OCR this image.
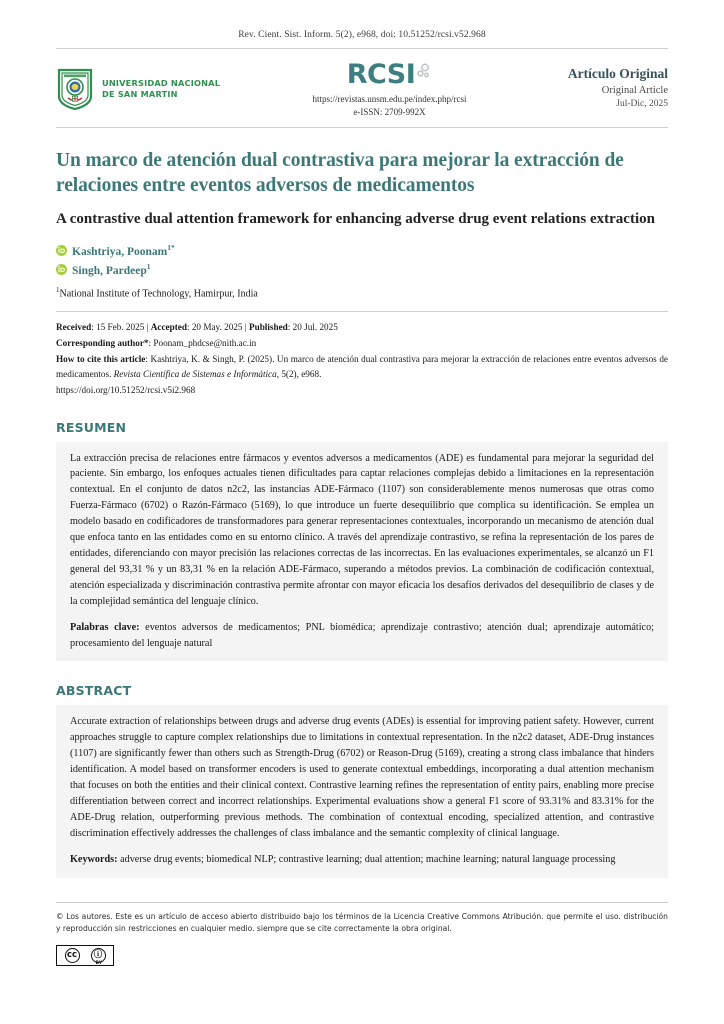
Rev. Cient. Sist. Inform. 5(2), e968, doi: 10.51252/rcsi.v52.968
UNIVERSIDAD NACIONAL
DE SAN MARTIN
RCSI
https://revistas.unsm.edu.pe/index.php/rcsi
e-ISSN: 2709-992X
Artículo Original
Original Article
Jul-Dic, 2025
Un marco de atención dual contrastiva para mejorar la extracción de relaciones entre eventos adversos de medicamentos
A contrastive dual attention framework for enhancing adverse drug event relations extraction
Kashtriya, Poonam$^{1*}$
Singh, Pardeep$^1$
$^1$National Institute of Technology, Hamirpur, India
Received: 15 Feb. 2025 | Accepted: 20 May. 2025 | Published: 20 Jul. 2025
Corresponding author*: Poonam_phdcse@nith.ac.in
How to cite this article: Kashtriya, K. & Singh, P. (2025). Un marco de atención dual contrastiva para mejorar la extracción de relaciones entre eventos adversos de medicamentos. Revista Científica de Sistemas e Informática, 5(2), e968.
https://doi.org/10.51252/rcsi.v5i2.968
RESUMEN

La extracción precisa de relaciones entre fármacos y eventos adversos a medicamentos (ADE) es fundamental para mejorar la seguridad del paciente. Sin embargo, los enfoques actuales tienen dificultades para captar relaciones complejas debido a limitaciones en la representación contextual. En el conjunto de datos n2c2, las instancias ADE-Fármaco (1107) son considerablemente menos numerosas que otras como Fuerza-Fármaco (6702) o Razón-Fármaco (5169), lo que introduce un fuerte desequilibrio que complica su identificación. Se emplea un modelo basado en codificadores de transformadores para generar representaciones contextuales, incorporando un mecanismo de atención dual que enfoca tanto en las entidades como en su entorno clínico. A través del aprendizaje contrastivo, se refina la representación de los pares de entidades, diferenciando con mayor precisión las relaciones correctas de las incorrectas. En las evaluaciones experimentales, se alcanzó un F1 general del 93,31 % y un 83,31 % en la relación ADE-Fármaco, superando a métodos previos. La combinación de codificación contextual, atención especializada y discriminación contrastiva permite afrontar con mayor eficacia los desafíos derivados del desequilibrio de clases y de la complejidad semántica del lenguaje clínico.

Palabras clave: eventos adversos de medicamentos; PNL biomédica; aprendizaje contrastivo; atención dual; aprendizaje automático; procesamiento del lenguaje natural

ABSTRACT

Accurate extraction of relationships between drugs and adverse drug events (ADEs) is essential for improving patient safety. However, current approaches struggle to capture complex relationships due to limitations in contextual representation. In the n2c2 dataset, ADE-Drug instances (1107) are significantly fewer than others such as Strength-Drug (6702) or Reason-Drug (5169), creating a strong class imbalance that hinders identification. A model based on transformer encoders is used to generate contextual embeddings, incorporating a dual attention mechanism that focuses on both the entities and their clinical context. Contrastive learning refines the representation of entity pairs, enabling more precise differentiation between correct and incorrect relationships. Experimental evaluations show a general F1 score of 93.31% and 83.31% for the ADE-Drug relation, outperforming previous methods. The combination of contextual encoding, specialized attention, and contrastive discrimination effectively addresses the challenges of class imbalance and the semantic complexity of clinical language.

Keywords: adverse drug events; biomedical NLP; contrastive learning; dual attention; machine learning; natural language processing

© Los autores. Este es un artículo de acceso abierto distribuido bajo los términos de la Licencia Creative Commons Atribución. que permite el uso. distribución y reproducción sin restricciones en cualquier medio. siempre que se cite correctamente la obra original.
cc	ⓘ
BY
